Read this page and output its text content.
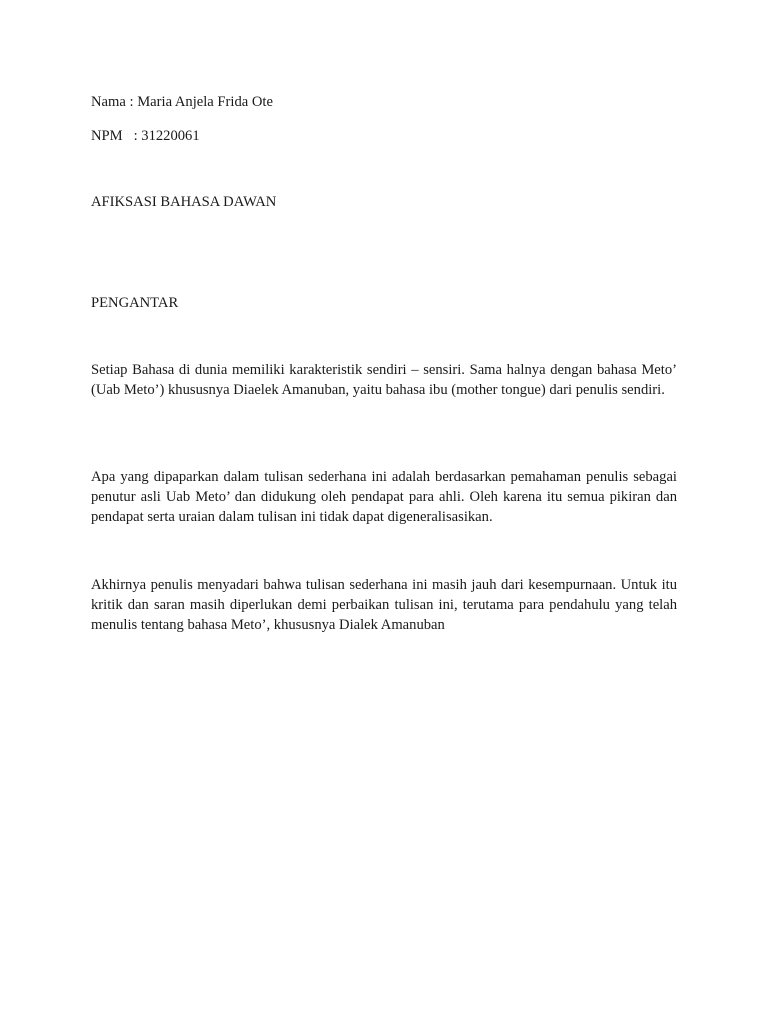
Nama : Maria Anjela Frida Ote
NPM   : 31220061
AFIKSASI BAHASA DAWAN
PENGANTAR

Setiap Bahasa di dunia memiliki karakteristik sendiri – sensiri. Sama halnya dengan bahasa Meto’ (Uab Meto’) khususnya Diaelek Amanuban, yaitu bahasa ibu (mother tongue) dari penulis sendiri.

Apa yang dipaparkan dalam tulisan sederhana ini adalah berdasarkan pemahaman penulis sebagai penutur asli Uab Meto’ dan didukung oleh pendapat para ahli. Oleh karena itu semua pikiran dan pendapat serta uraian dalam tulisan ini tidak dapat digeneralisasikan.

Akhirnya penulis menyadari bahwa tulisan sederhana ini masih jauh dari kesempurnaan. Untuk itu kritik dan saran masih diperlukan demi perbaikan tulisan ini, terutama para pendahulu yang telah menulis tentang bahasa Meto’, khususnya Dialek Amanuban
